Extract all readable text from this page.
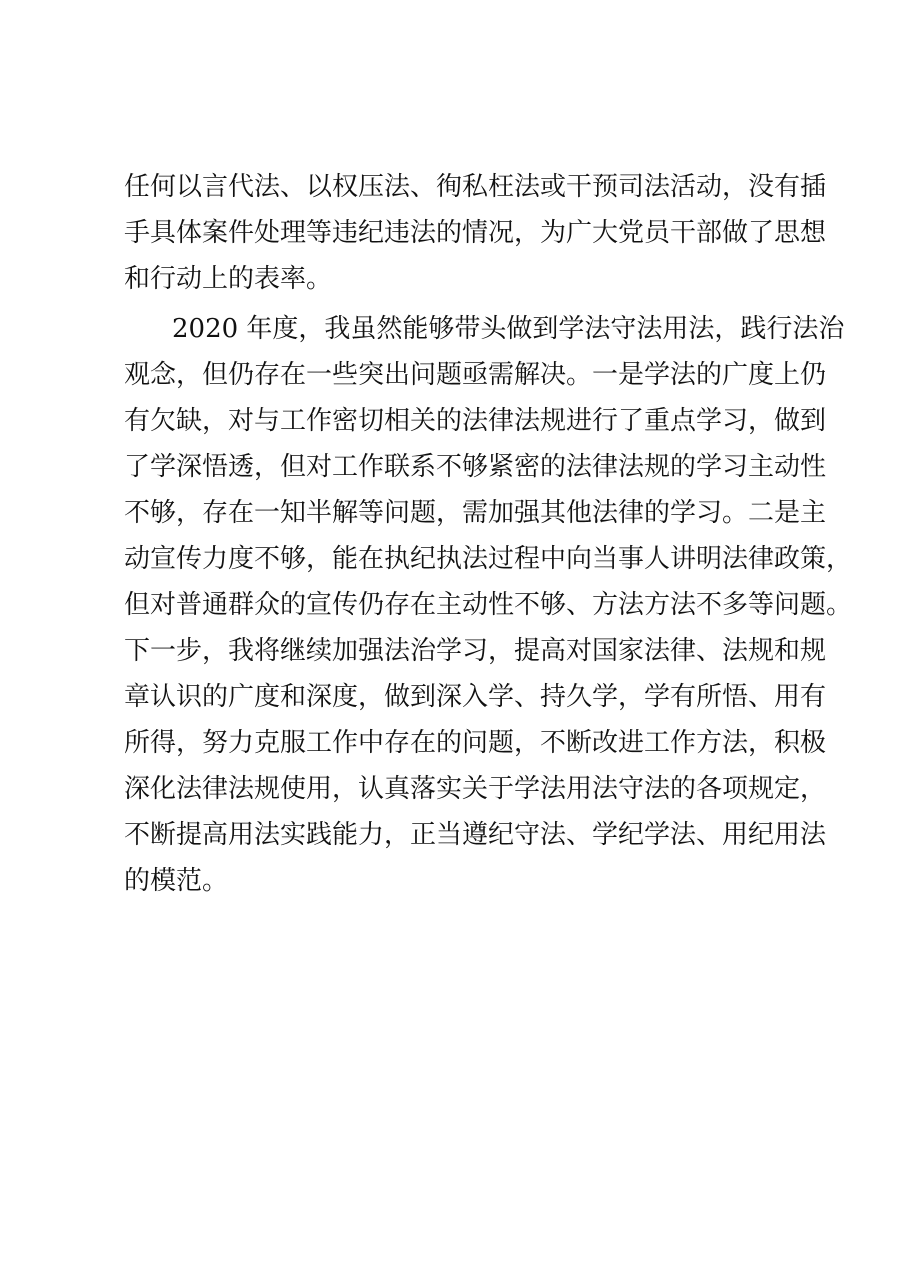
任何以言代法、以权压法、徇私枉法或干预司法活动，没有插
手具体案件处理等违纪违法的情况，为广大党员干部做了思想
和行动上的表率。
2020 年度，我虽然能够带头做到学法守法用法，践行法治
观念，但仍存在一些突出问题亟需解决。一是学法的广度上仍
有欠缺，对与工作密切相关的法律法规进行了重点学习，做到
了学深悟透，但对工作联系不够紧密的法律法规的学习主动性
不够，存在一知半解等问题，需加强其他法律的学习。二是主
动宣传力度不够，能在执纪执法过程中向当事人讲明法律政策，
但对普通群众的宣传仍存在主动性不够、方法方法不多等问题。
下一步，我将继续加强法治学习，提高对国家法律、法规和规
章认识的广度和深度，做到深入学、持久学，学有所悟、用有
所得，努力克服工作中存在的问题，不断改进工作方法，积极
深化法律法规使用，认真落实关于学法用法守法的各项规定，
不断提高用法实践能力，正当遵纪守法、学纪学法、用纪用法
的模范。
